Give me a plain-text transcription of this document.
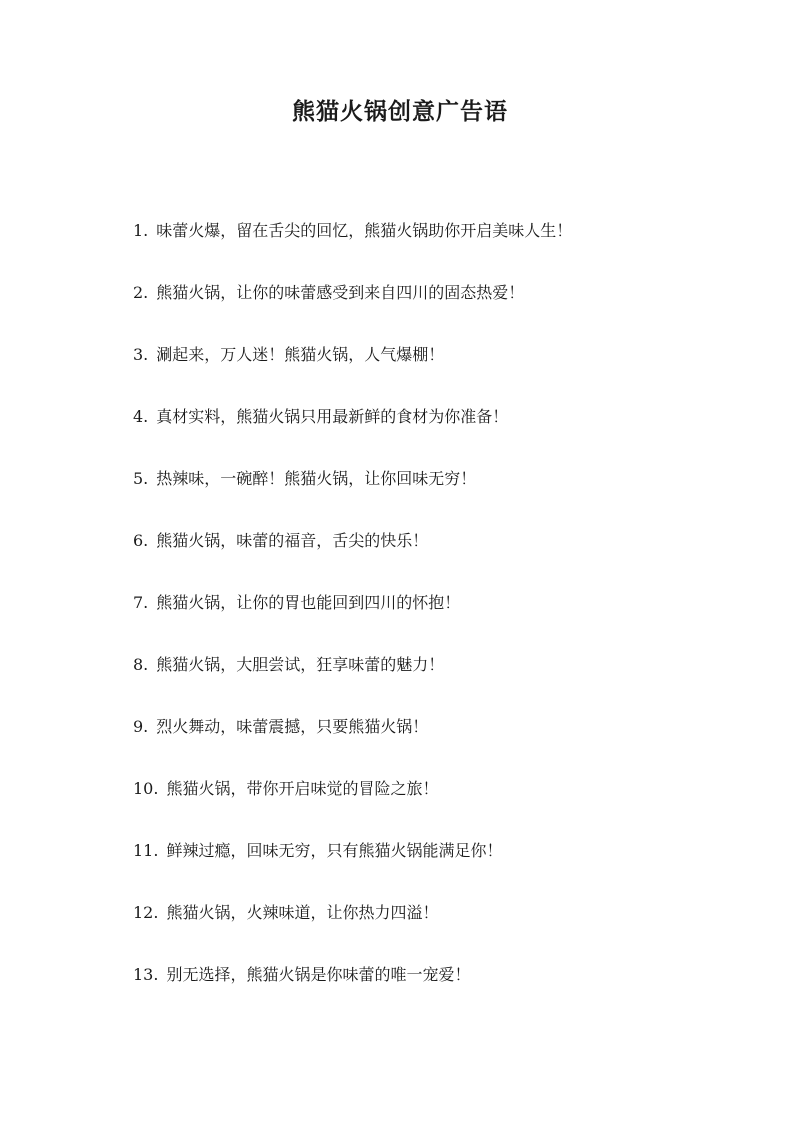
熊猫火锅创意广告语
1. 味蕾火爆，留在舌尖的回忆，熊猫火锅助你开启美味人生！
2. 熊猫火锅，让你的味蕾感受到来自四川的固态热爱！
3. 涮起来，万人迷！熊猫火锅，人气爆棚！
4. 真材实料，熊猫火锅只用最新鲜的食材为你准备！
5. 热辣味，一碗醉！熊猫火锅，让你回味无穷！
6. 熊猫火锅，味蕾的福音，舌尖的快乐！
7. 熊猫火锅，让你的胃也能回到四川的怀抱！
8. 熊猫火锅，大胆尝试，狂享味蕾的魅力！
9. 烈火舞动，味蕾震撼，只要熊猫火锅！
10. 熊猫火锅，带你开启味觉的冒险之旅！
11. 鲜辣过瘾，回味无穷，只有熊猫火锅能满足你！
12. 熊猫火锅，火辣味道，让你热力四溢！
13. 别无选择，熊猫火锅是你味蕾的唯一宠爱！
